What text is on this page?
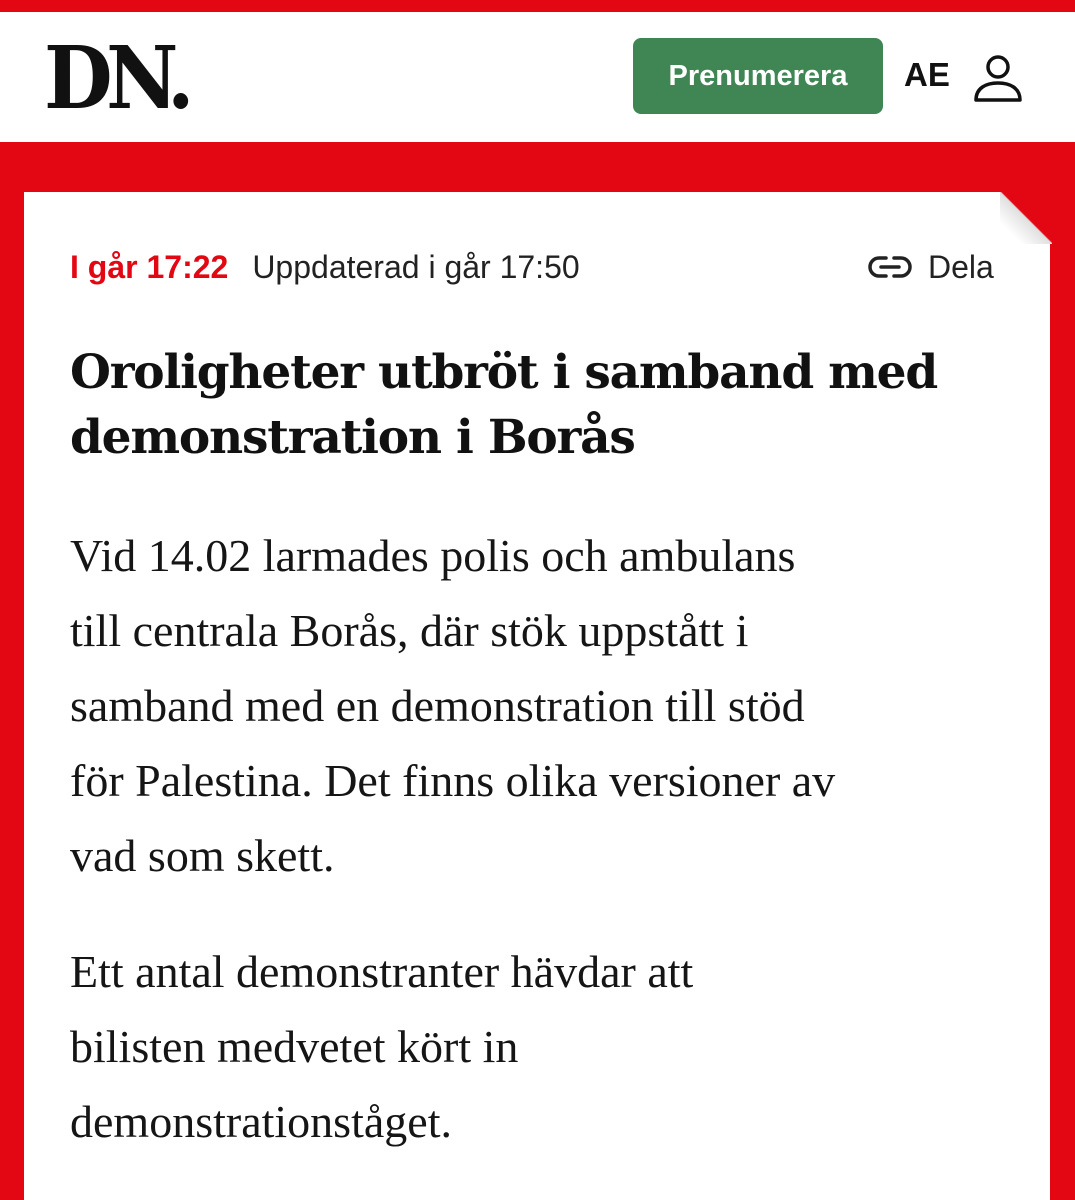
DN.	Prenumerera	AE
I går 17:22 Uppdaterad i går 17:50	Dela
Oroligheter utbröt i samband med demonstration i Borås

Vid 14.02 larmades polis och ambulans
till centrala Borås, där stök uppstått i
samband med en demonstration till stöd
för Palestina. Det finns olika versioner av
vad som skett.

Ett antal demonstranter hävdar att
bilisten medvetet kört in
demonstrationståget.
